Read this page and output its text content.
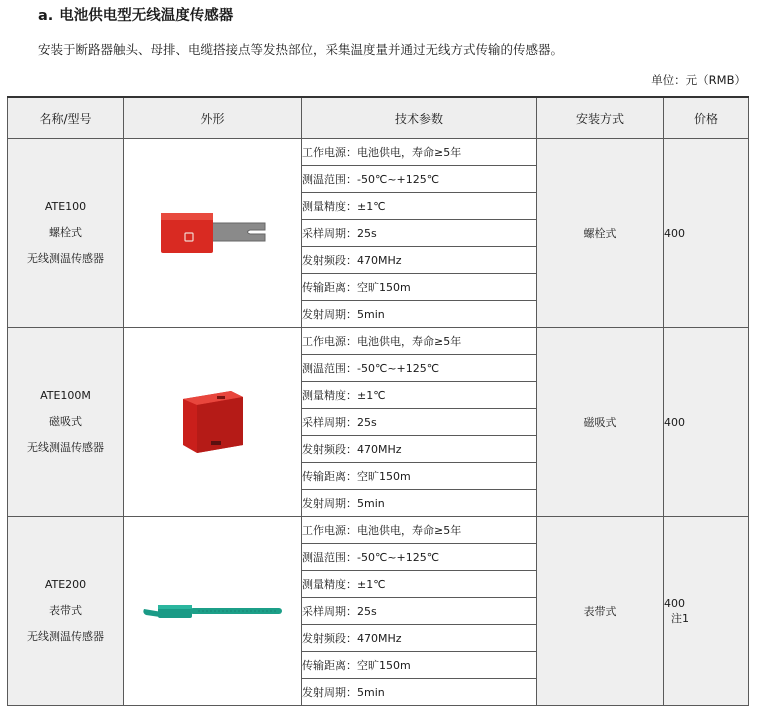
a. 电池供电型无线温度传感器
安装于断路器触头、母排、电缆搭接点等发热部位，采集温度量并通过无线方式传输的传感器。
单位：元（RMB）
名称/型号	外形	技术参数	安装方式	价格

ATE100
螺栓式
无线测温传感器		工作电源：电池供电，寿命≥5年	螺栓式	400
		测温范围：-50℃~+125℃		
		测量精度：±1℃		
		采样周期：25s		
		发射频段：470MHz		
		传输距离：空旷150m		
		发射周期：5min		

ATE100M
磁吸式
无线测温传感器		工作电源：电池供电，寿命≥5年	磁吸式	400
		测温范围：-50℃~+125℃		
		测量精度：±1℃		
		采样周期：25s		
		发射频段：470MHz		
		传输距离：空旷150m		
		发射周期：5min		

ATE200
表带式
无线测温传感器		工作电源：电池供电，寿命≥5年	表带式	400
注1

		测温范围：-50℃~+125℃		
		测量精度：±1℃		
		采样周期：25s		
		发射频段：470MHz		
		传输距离：空旷150m		
		发射周期：5min		
